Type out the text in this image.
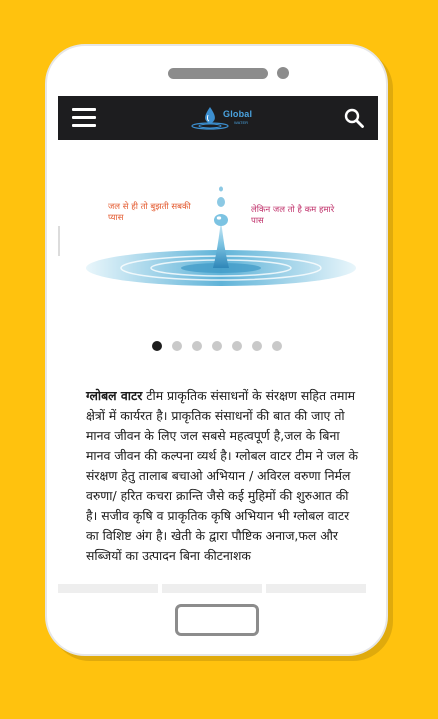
Global
WATER
जल से ही तो बुझती सबकी प्यास
लेकिन जल तो है कम हमारे पास
ग्लोबल वाटर टीम प्राकृतिक संसाधनों के संरक्षण सहित तमाम क्षेत्रों में कार्यरत है। प्राकृतिक संसाधनों की बात की जाए तो मानव जीवन के लिए जल सबसे महत्वपूर्ण है,जल के बिना मानव जीवन की कल्पना व्यर्थ है। ग्लोबल वाटर टीम ने जल के संरक्षण हेतु तालाब बचाओ अभियान / अविरल वरुणा निर्मल वरुणा/ हरित कचरा क्रान्ति जैसे कई मुहिमों की शुरुआत की है। सजीव कृषि व प्राकृतिक कृषि अभियान भी ग्लोबल वाटर का विशिष्ट अंग है। खेती के द्वारा पौष्टिक अनाज,फल और सब्जियों का उत्पादन बिना कीटनाशक
